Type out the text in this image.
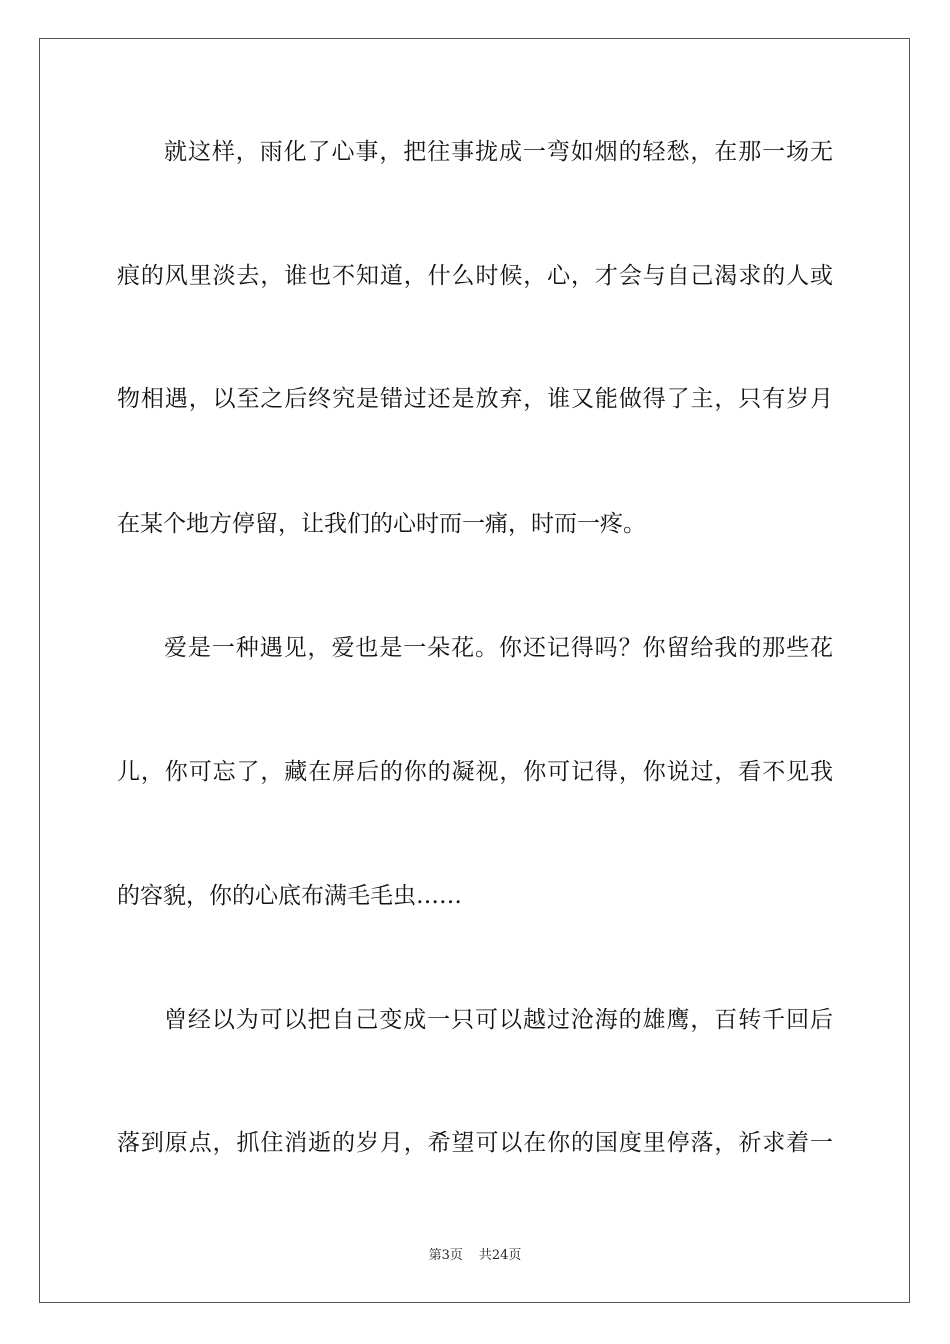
就这样，雨化了心事，把往事拢成一弯如烟的轻愁，在那一场无
痕的风里淡去，谁也不知道，什么时候，心，才会与自己渴求的人或
物相遇，以至之后终究是错过还是放弃，谁又能做得了主，只有岁月
在某个地方停留，让我们的心时而一痛，时而一疼。
爱是一种遇见，爱也是一朵花。你还记得吗？你留给我的那些花
儿，你可忘了，藏在屏后的你的凝视，你可记得，你说过，看不见我
的容貌，你的心底布满毛毛虫……
曾经以为可以把自己变成一只可以越过沧海的雄鹰，百转千回后
落到原点，抓住消逝的岁月，希望可以在你的国度里停落，祈求着一
第3页 共24页
